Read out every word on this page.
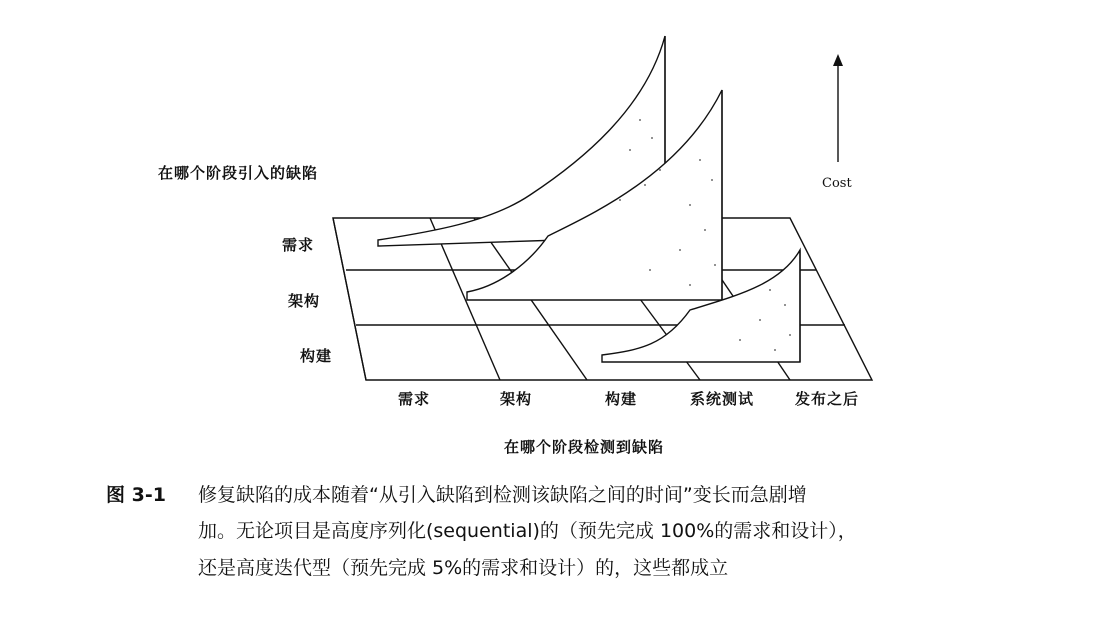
在哪个阶段引入的缺陷
Cost
需求
架构
构建
需求	架构	构建	系统测试	发布之后
在哪个阶段检测到缺陷
图 3-1 修复缺陷的成本随着“从引入缺陷到检测该缺陷之间的时间”变长而急剧增
加。无论项目是高度序列化(sequential)的（预先完成 100%的需求和设计），
还是高度迭代型（预先完成 5%的需求和设计）的，这些都成立
